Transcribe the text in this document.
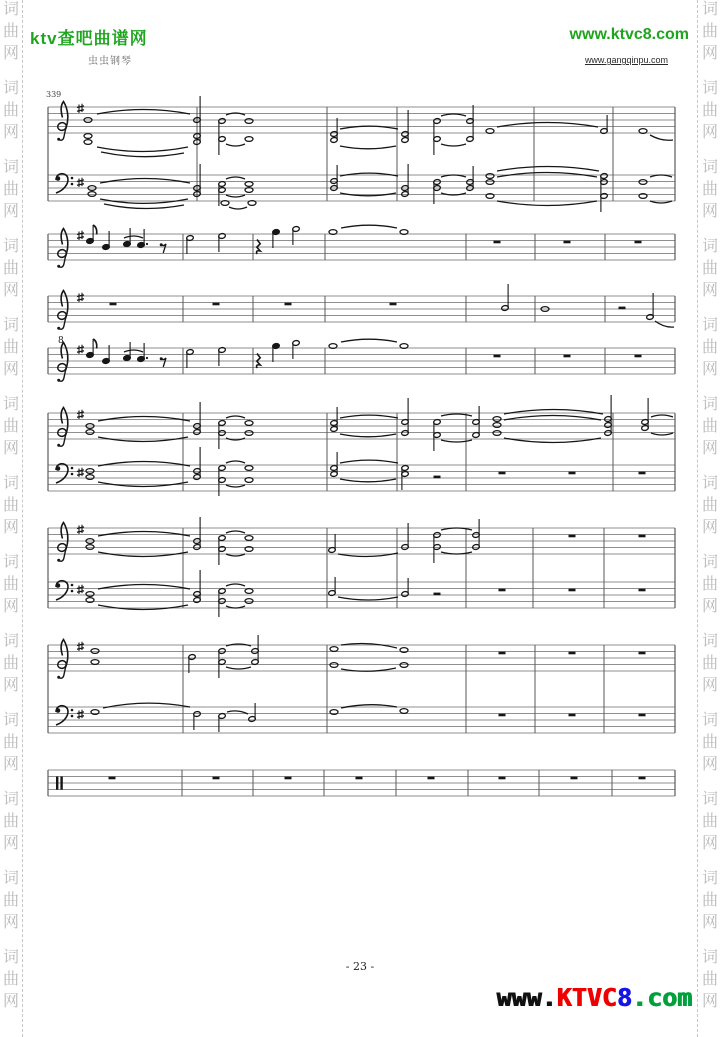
词
曲
网
词
曲
网
词
曲
网
词
曲
网
词
曲
网
词
曲
网
词
曲
网
词
曲
网
词
曲
网
词
曲
网
词
曲
网
词
曲
网
词
曲
网
词
曲
网
词
曲
网
词
曲
网
词
曲
网
词
曲
网
词
曲
网
词
曲
网
词
曲
网
词
曲
网
词
曲
网
词
曲
网
词
曲
网
词
曲
网
ktv查吧曲谱网	www.ktvc8.com
虫虫钢琴	www.gangqinpu.com
8
339
- 23 -
www.KTVC8.com
